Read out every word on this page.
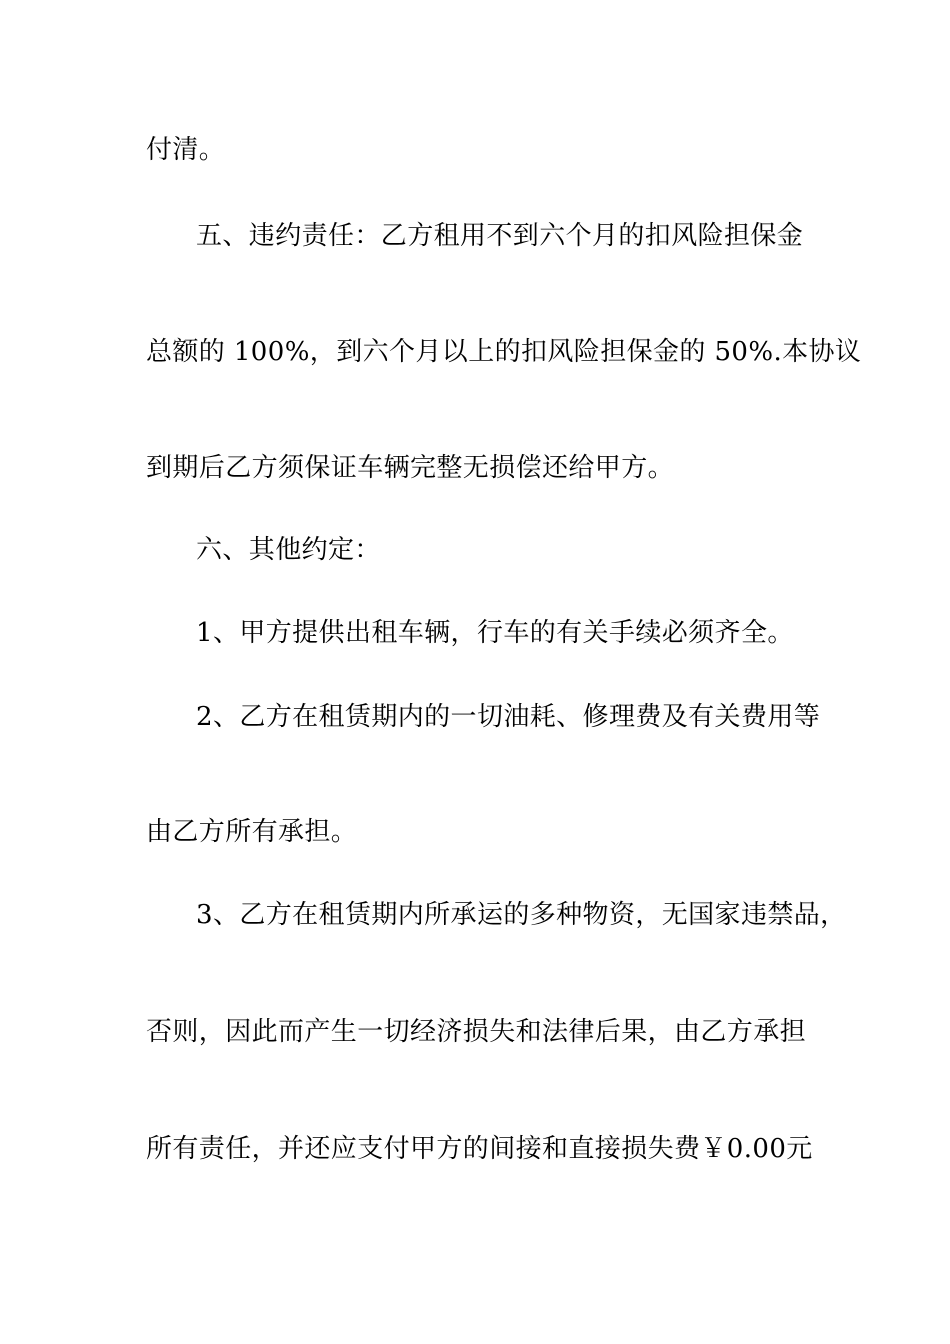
付清。
五、违约责任：乙方租用不到六个月的扣风险担保金
总额的 100%，到六个月以上的扣风险担保金的 50%.本协议
到期后乙方须保证车辆完整无损偿还给甲方。
六、其他约定：
1、甲方提供出租车辆，行车的有关手续必须齐全。
2、乙方在租赁期内的一切油耗、修理费及有关费用等
由乙方所有承担。
3、乙方在租赁期内所承运的多种物资，无国家违禁品，
否则，因此而产生一切经济损失和法律后果，由乙方承担
所有责任，并还应支付甲方的间接和直接损失费￥0.00元
